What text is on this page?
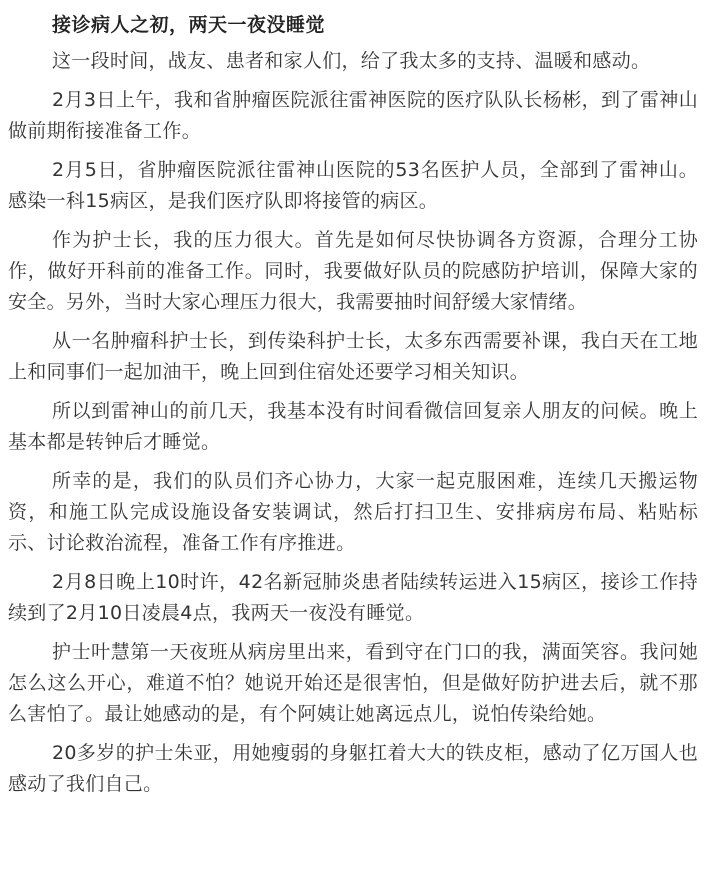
接诊病人之初，两天一夜没睡觉

这一段时间，战友、患者和家人们，给了我太多的支持、温暖和感动。

2月3日上午，我和省肿瘤医院派往雷神医院的医疗队队长杨彬，到了雷神山做前期衔接准备工作。

2月5日，省肿瘤医院派往雷神山医院的53名医护人员，全部到了雷神山。感染一科15病区，是我们医疗队即将接管的病区。

作为护士长，我的压力很大。首先是如何尽快协调各方资源，合理分工协作，做好开科前的准备工作。同时，我要做好队员的院感防护培训，保障大家的安全。另外，当时大家心理压力很大，我需要抽时间舒缓大家情绪。

从一名肿瘤科护士长，到传染科护士长，太多东西需要补课，我白天在工地上和同事们一起加油干，晚上回到住宿处还要学习相关知识。

所以到雷神山的前几天，我基本没有时间看微信回复亲人朋友的问候。晚上基本都是转钟后才睡觉。

所幸的是，我们的队员们齐心协力，大家一起克服困难，连续几天搬运物资，和施工队完成设施设备安装调试，然后打扫卫生、安排病房布局、粘贴标示、讨论救治流程，准备工作有序推进。

2月8日晚上10时许，42名新冠肺炎患者陆续转运进入15病区，接诊工作持续到了2月10日凌晨4点，我两天一夜没有睡觉。

护士叶慧第一天夜班从病房里出来，看到守在门口的我，满面笑容。我问她怎么这么开心，难道不怕？她说开始还是很害怕，但是做好防护进去后，就不那么害怕了。最让她感动的是，有个阿姨让她离远点儿，说怕传染给她。

20多岁的护士朱亚，用她瘦弱的身躯扛着大大的铁皮柜，感动了亿万国人也感动了我们自己。
